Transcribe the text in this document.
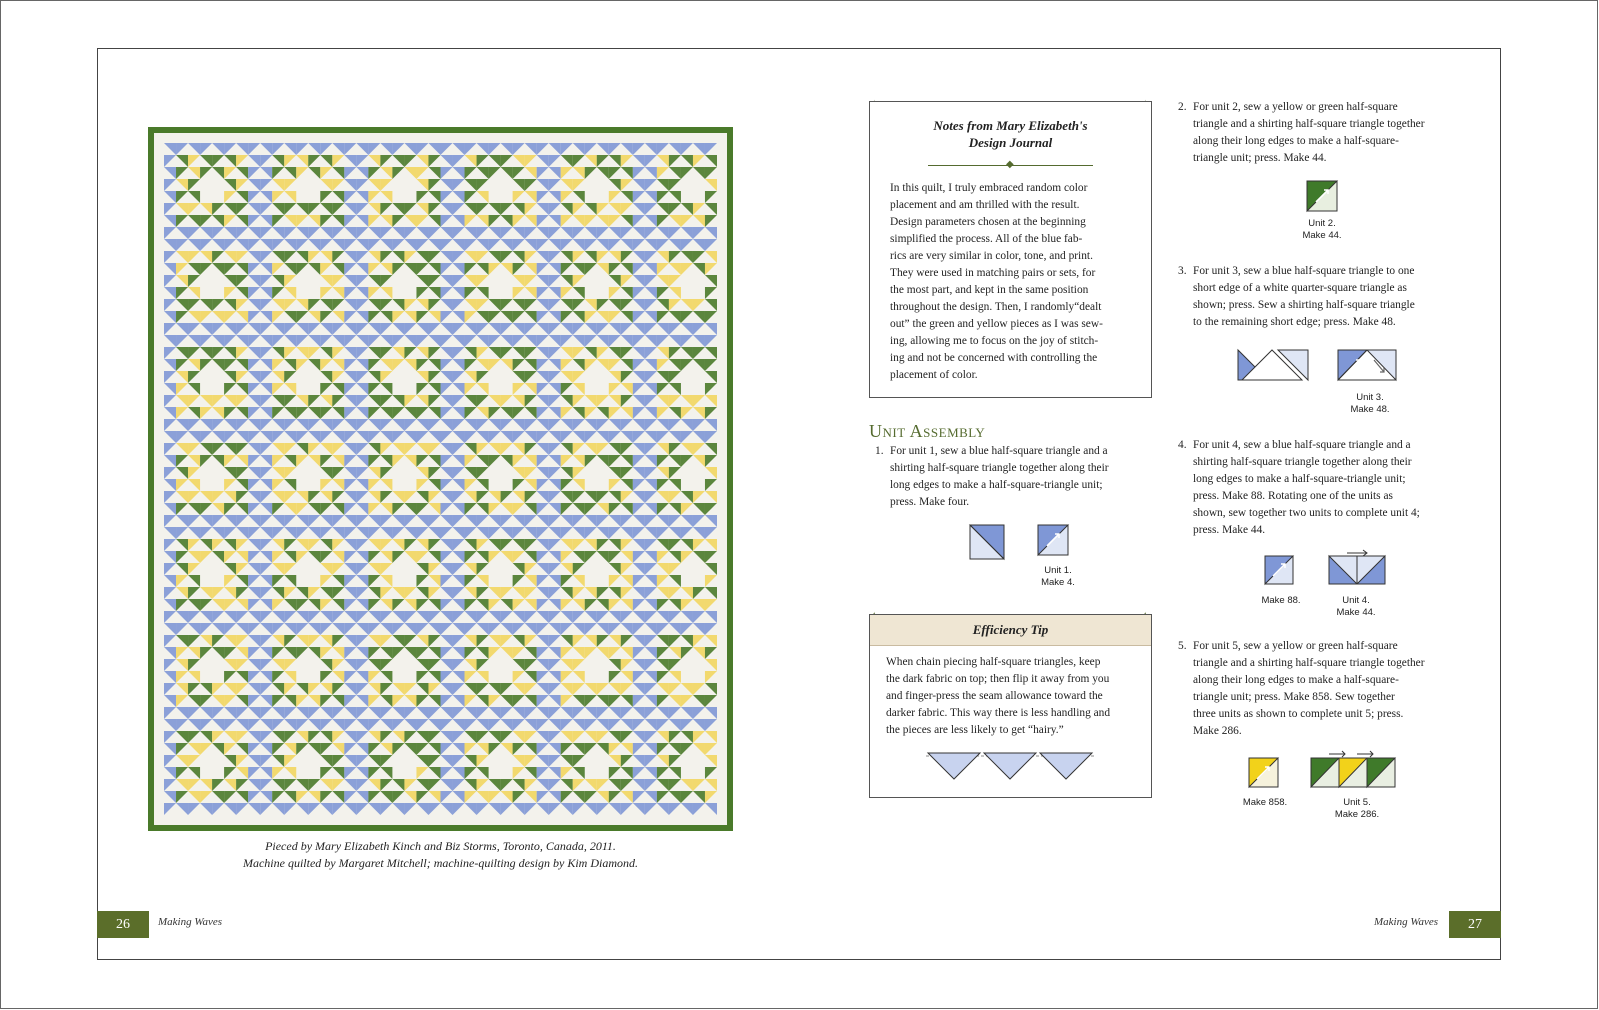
Pieced by Mary Elizabeth Kinch and Biz Storms, Toronto, Canada, 2011.
Machine quilted by Margaret Mitchell; machine-quilting design by Kim Diamond.
26	Making Waves	27
Making Waves
Notes from Mary Elizabeth's
Design Journal
◆
In this quilt, I truly embraced random color
placement and am thrilled with the result.
Design parameters chosen at the beginning
simplified the process. All of the blue fab-
rics are very similar in color, tone, and print.
They were used in matching pairs or sets, for
the most part, and kept in the same position
throughout the design. Then, I randomly“dealt
out” the green and yellow pieces as I was sew-
ing, allowing me to focus on the joy of stitch-
ing and not be concerned with controlling the
placement of color.
Unit Assembly
1. For unit 1, sew a blue half-square triangle and a
shirting half-square triangle together along their
long edges to make a half-square-triangle unit;
press. Make four.
Unit 1.
Make 4.
Efficiency Tip
When chain piecing half-square triangles, keep
the dark fabric on top; then flip it away from you
and finger-press the seam allowance toward the
darker fabric. This way there is less handling and
the pieces are less likely to get “hairy.”
2. For unit 2, sew a yellow or green half-square
triangle and a shirting half-square triangle together
along their long edges to make a half-square-
triangle unit; press. Make 44.
Unit 2.
Make 44.
3. For unit 3, sew a blue half-square triangle to one
short edge of a white quarter-square triangle as
shown; press. Sew a shirting half-square triangle
to the remaining short edge; press. Make 48.
Unit 3.
Make 48.
4. For unit 4, sew a blue half-square triangle and a
shirting half-square triangle together along their
long edges to make a half-square-triangle unit;
press. Make 88. Rotating one of the units as
shown, sew together two units to complete unit 4;
press. Make 44.
Make 88.	Unit 4.
Make 44.
5. For unit 5, sew a yellow or green half-square
triangle and a shirting half-square triangle together
along their long edges to make a half-square-
triangle unit; press. Make 858. Sew together
three units as shown to complete unit 5; press.
Make 286.
Make 858.	Unit 5.
Make 286.
